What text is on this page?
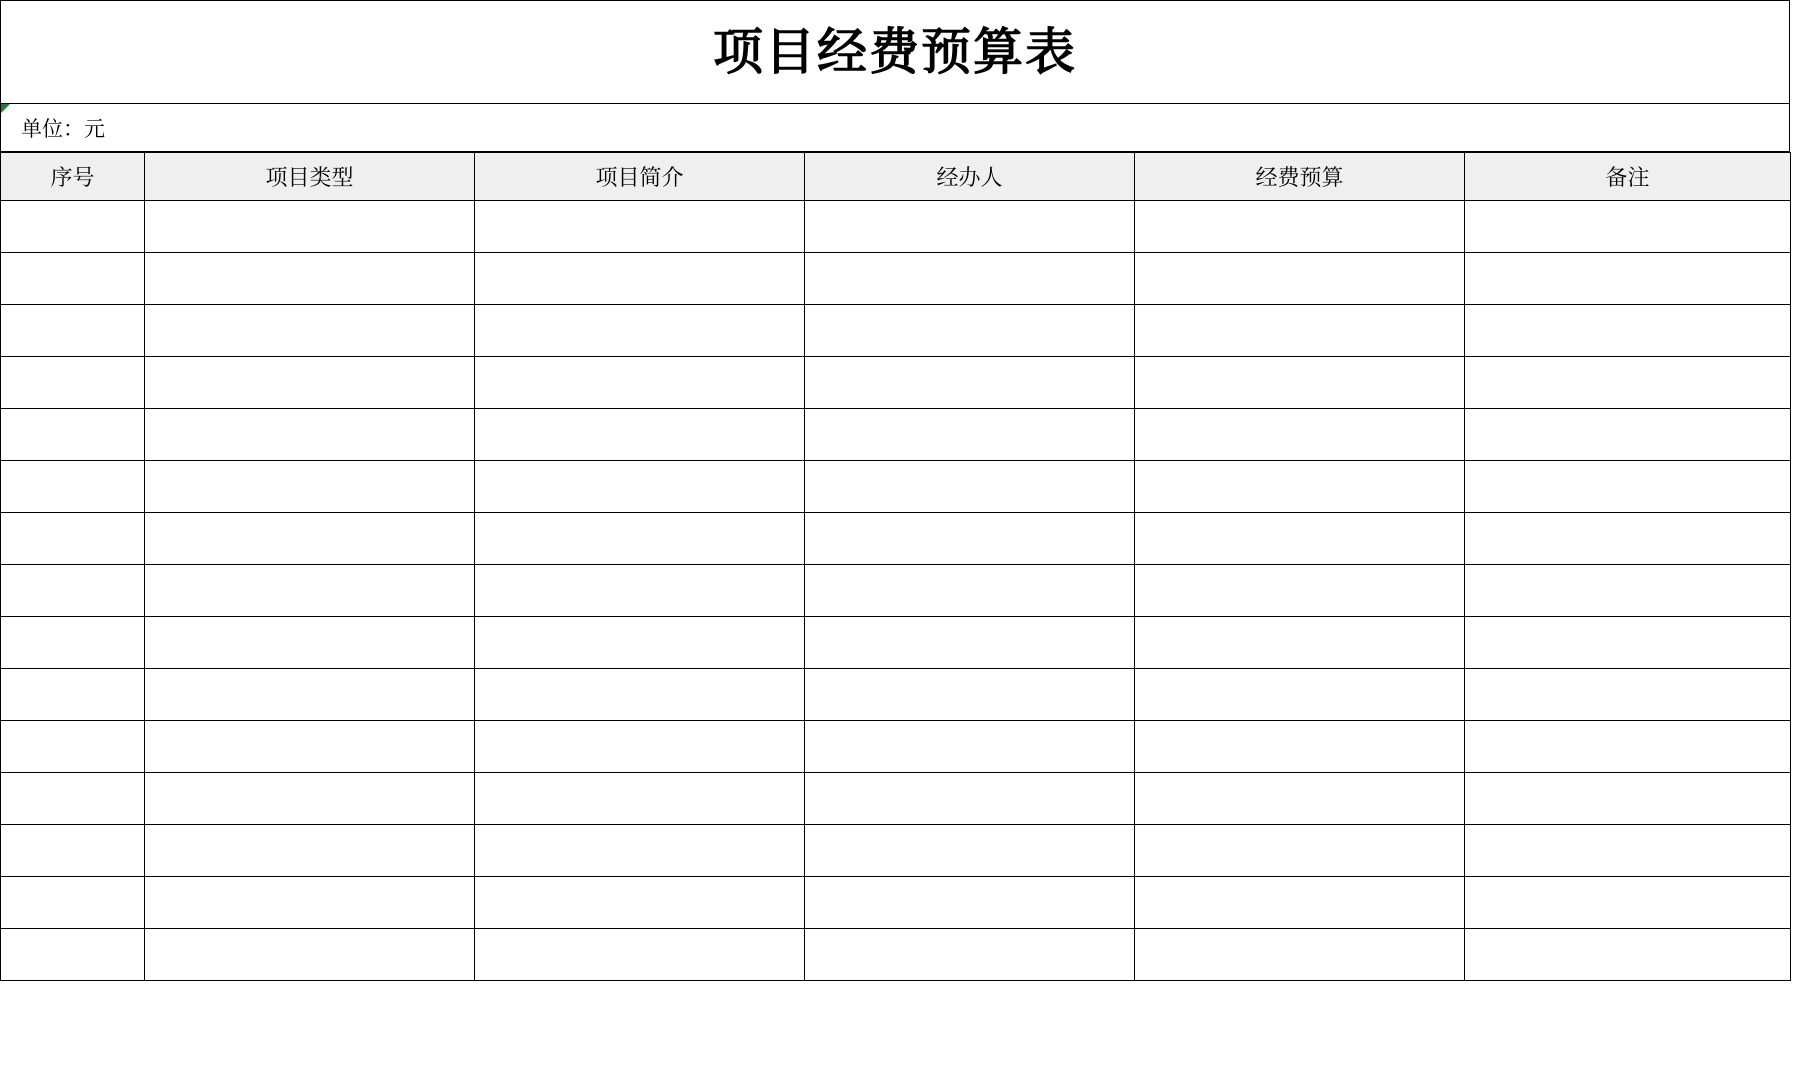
项目经费预算表
单位：元
序号	项目类型	项目简介	经办人	经费预算	备注
